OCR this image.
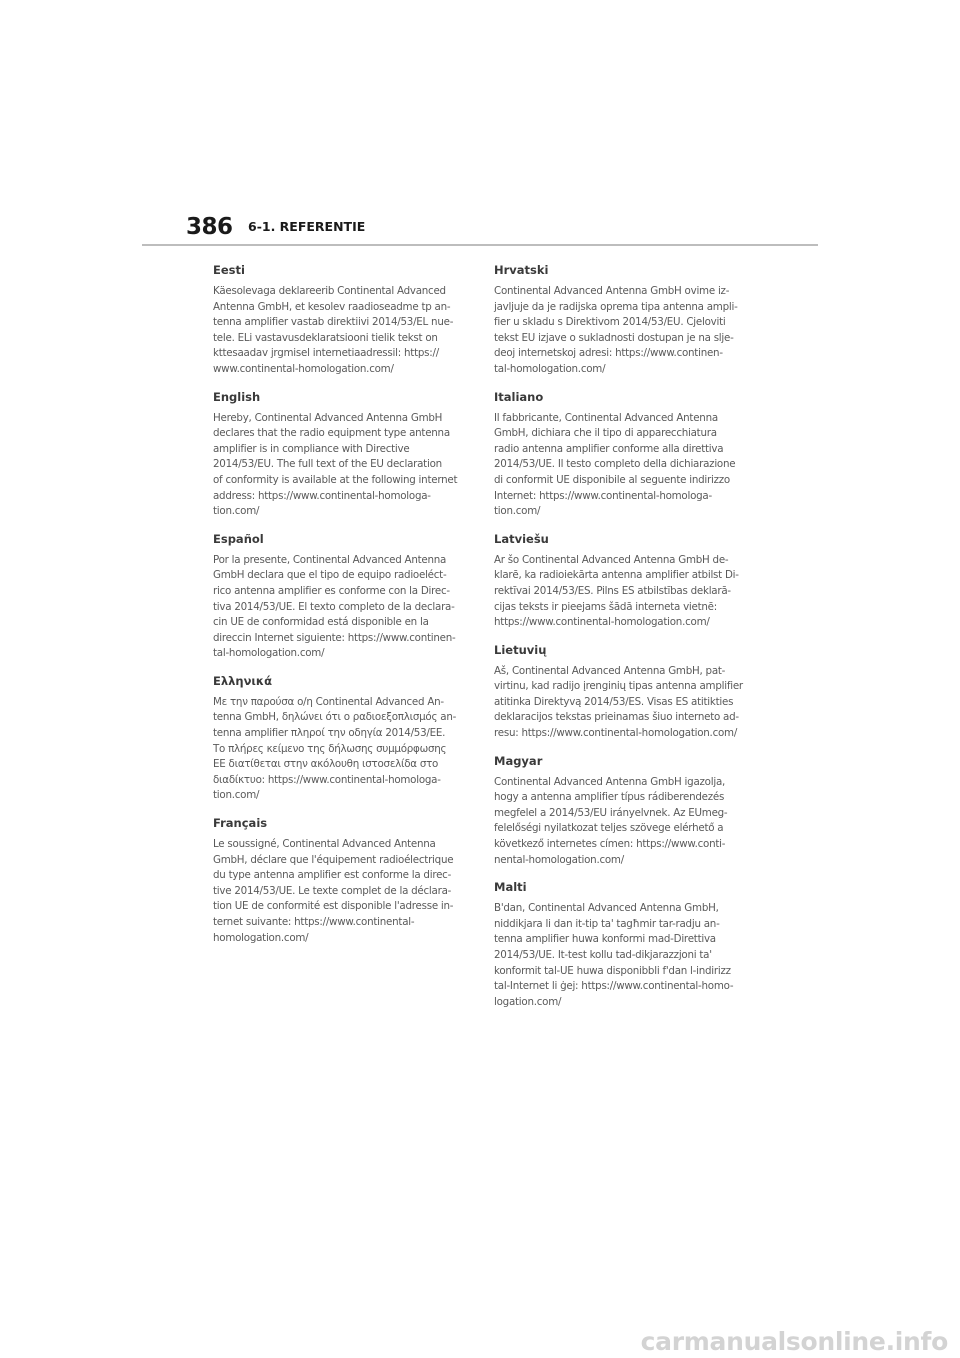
386 6-1. REFERENTIE
Eesti
Käesolevaga deklareerib Continental Advanced
Antenna GmbH, et kesolev raadioseadme tp an-
tenna amplifier vastab direktiivi 2014/53/EL nue-
tele. ELi vastavusdeklaratsiooni tielik tekst on
kttesaadav jrgmisel internetiaadressil: https://
www.continental-homologation.com/
English
Hereby, Continental Advanced Antenna GmbH
declares that the radio equipment type antenna
amplifier is in compliance with Directive
2014/53/EU. The full text of the EU declaration
of conformity is available at the following internet
address: https://www.continental-homologa-
tion.com/
Español
Por la presente, Continental Advanced Antenna
GmbH declara que el tipo de equipo radioeléct-
rico antenna amplifier es conforme con la Direc-
tiva 2014/53/UE. El texto completo de la declara-
cin UE de conformidad está disponible en la
direccin Internet siguiente: https://www.continen-
tal-homologation.com/
Ελληνικά
Με την παρούσα ο/η Continental Advanced An-
tenna GmbH, δηλώνει ότι ο ραδιοεξοπλισμός an-
tenna amplifier πληροί την οδηγία 2014/53/ΕΕ.
Το πλήρες κείμενο της δήλωσης συμμόρφωσης
ΕΕ διατίθεται στην ακόλουθη ιστοσελίδα στο
διαδίκτυο: https://www.continental-homologa-
tion.com/
Français
Le soussigné, Continental Advanced Antenna
GmbH, déclare que l'équipement radioélectrique
du type antenna amplifier est conforme la direc-
tive 2014/53/UE. Le texte complet de la déclara-
tion UE de conformité est disponible l'adresse in-
ternet suivante: https://www.continental-
homologation.com/
Hrvatski
Continental Advanced Antenna GmbH ovime iz-
javljuje da je radijska oprema tipa antenna ampli-
fier u skladu s Direktivom 2014/53/EU. Cjeloviti
tekst EU izjave o sukladnosti dostupan je na slje-
deoj internetskoj adresi: https://www.continen-
tal-homologation.com/
Italiano
Il fabbricante, Continental Advanced Antenna
GmbH, dichiara che il tipo di apparecchiatura
radio antenna amplifier conforme alla direttiva
2014/53/UE. Il testo completo della dichiarazione
di conformit UE disponibile al seguente indirizzo
Internet: https://www.continental-homologa-
tion.com/
Latviešu
Ar šo Continental Advanced Antenna GmbH de-
klarē, ka radioiekārta antenna amplifier atbilst Di-
rektīvai 2014/53/ES. Pilns ES atbilstības deklarā-
cijas teksts ir pieejams šādā interneta vietnē:
https://www.continental-homologation.com/
Lietuvių
Aš, Continental Advanced Antenna GmbH, pat-
virtinu, kad radijo įrenginių tipas antenna amplifier
atitinka Direktyvą 2014/53/ES. Visas ES atitikties
deklaracijos tekstas prieinamas šiuo interneto ad-
resu: https://www.continental-homologation.com/
Magyar
Continental Advanced Antenna GmbH igazolja,
hogy a antenna amplifier típus rádiberendezés
megfelel a 2014/53/EU irányelvnek. Az EUmeg-
felelőségi nyilatkozat teljes szövege elérhető a
következő internetes címen: https://www.conti-
nental-homologation.com/
Malti
B'dan, Continental Advanced Antenna GmbH,
niddikjara li dan it-tip ta' tagħmir tar-radju an-
tenna amplifier huwa konformi mad-Direttiva
2014/53/UE. It-test kollu tad-dikjarazzjoni ta'
konformit tal-UE huwa disponibbli f'dan l-indirizz
tal-Internet li ġej: https://www.continental-homo-
logation.com/
carmanualsonline.info
